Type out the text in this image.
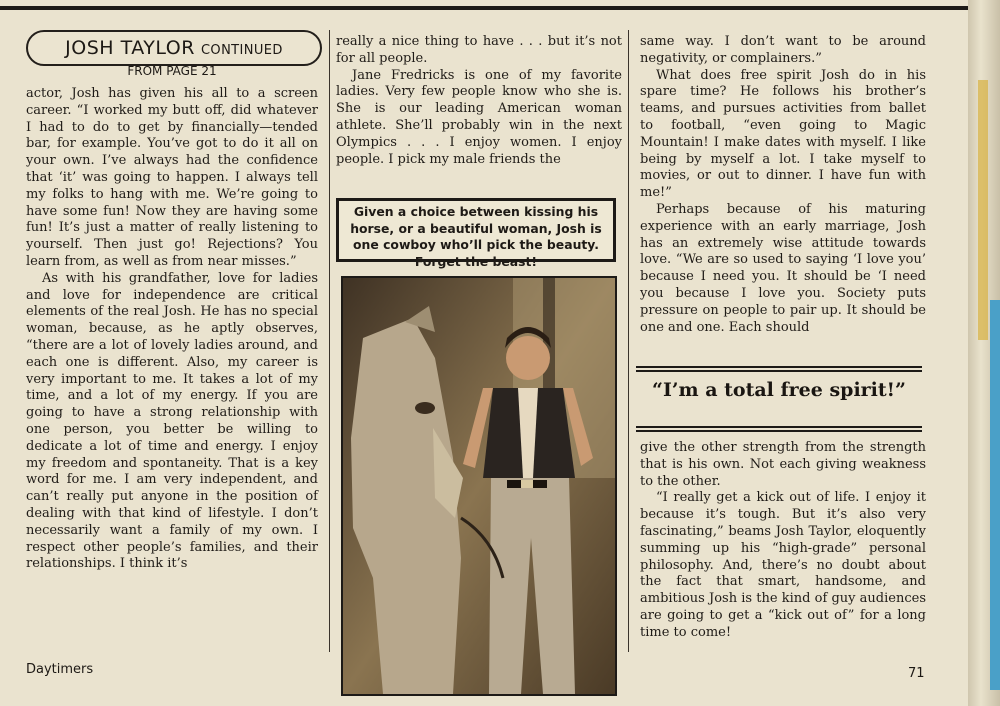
JOSH TAYLOR CONTINUED
FROM PAGE 21

actor, Josh has given his all to a screen career. “I worked my butt off, did whatever I had to do to get by financially—tended bar, for example. You’ve got to do it all on your own. I’ve always had the confidence that ‘it’ was going to happen. I always tell my folks to hang with me. We’re going to have some fun! Now they are having some fun! It’s just a matter of really listening to yourself. Then just go! Rejections? You learn from, as well as from near misses.”

As with his grandfather, love for ladies and love for independence are critical elements of the real Josh. He has no special woman, because, as he aptly observes, “there are a lot of lovely ladies around, and each one is different. Also, my career is very important to me. It takes a lot of my time, and a lot of my energy. If you are going to have a strong relationship with one person, you better be willing to dedicate a lot of time and energy. I enjoy my freedom and spontaneity. That is a key word for me. I am very independent, and can’t really put anyone in the position of dealing with that kind of lifestyle. I don’t necessarily want a family of my own. I respect other people’s families, and their relationships. I think it’s

really a nice thing to have . . . but it’s not for all people.

Jane Fredricks is one of my favorite ladies. Very few people know who she is. She is our leading American woman athlete. She’ll probably win in the next Olympics . . . I enjoy women. I enjoy people. I pick my male friends the

Given a choice between kissing his horse, or a beautiful woman, Josh is one cowboy who’ll pick the beauty. Forget the beast!

same way. I don’t want to be around negativity, or complainers.”

What does free spirit Josh do in his spare time? He follows his brother’s teams, and pursues activities from ballet to football, “even going to Magic Mountain! I make dates with myself. I like being by myself a lot. I take myself to movies, or out to dinner. I have fun with me!”

Perhaps because of his maturing experience with an early marriage, Josh has an extremely wise attitude towards love. “We are so used to saying ‘I love you’ because I need you. It should be ‘I need you because I love you. Society puts pressure on people to pair up. It should be one and one. Each should

“I’m a total free spirit!”

give the other strength from the strength that is his own. Not each giving weakness to the other.

“I really get a kick out of life. I enjoy it because it’s tough. But it’s also very fascinating,” beams Josh Taylor, eloquently summing up his “high-grade” personal philosophy. And, there’s no doubt about the fact that smart, handsome, and ambitious Josh is the kind of guy audiences are going to get a “kick out of” for a long time to come!

Daytimers	71
